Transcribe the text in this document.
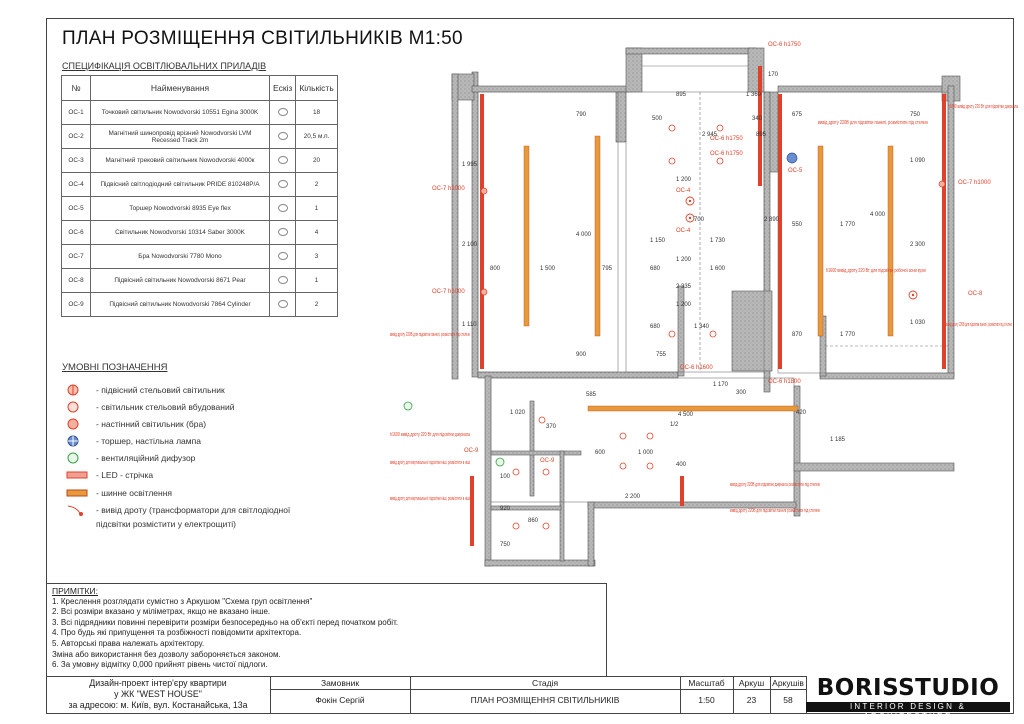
ПЛАН РОЗМІЩЕННЯ СВІТИЛЬНИКІВ М1:50
СПЕЦИФІКАЦІЯ ОСВІТЛЮВАЛЬНИХ ПРИЛАДІВ
№	Найменування	Ескіз	Кількість
ОС-1	Точковий світильник Nowodvorski 10551 Egina 3000K		18
ОС-2	Магнітний шинопровід врізний Nowodvorski LVM Recessed Track 2m		20,5 м.п.
ОС-3	Магнітний трековий світильник Nowodvorski 4000к		20
ОС-4	Підвісний світлодіодний світильник PRIDE 810248P/A		2
ОС-5	Торшер Nowodvorski 8935 Eye flex		1
ОС-6	Світильник Nowodvorski 10314 Saber 3000K		4
ОС-7	Бра Nowodvorski 7780 Mono		3
ОС-8	Підвісний світильник Nowodvorski 8671 Pear		1
ОС-9	Підвісний світильник Nowodvorski 7864 Cylinder		2
УМОВНІ ПОЗНАЧЕННЯ
- підвісний стельовий світильник
- світильник стельовий вбудований
- настінний світильник (бра)
- торшер, настільна лампа
- вентиляційний дифузор
- LED - стрічка
- шинне освітлення
- вивід дроту (трансформатори для світлодіодної
підсвітки розмістити у електрощиті)
ПРИМІТКИ:
1. Креслення розглядати сумістно з Аркушом "Схема груп освітлення"
2. Всі розміри вказано у міліметрах, якщо не вказано інше.
3. Всі підрядники повинні перевірити розміри безпосередньо на об'єкті перед початком робіт.
4. Про будь які припущення та розбіжності повідомити архітектора.
5. Авторські права належать архітектору.
Зміна або використання без дозволу забороняється законом.
6. За умовну відмітку 0,000 прийнят рівень чистої підлоги.
Дизайн-проект інтер'єру квартири
у ЖК "WEST HOUSE"
за адресою: м. Київ, вул. Костанайська, 13а
Замовник
Фокін Сергій
Стадія
ПЛАН РОЗМІЩЕННЯ СВІТИЛЬНИКІВ
Масштаб
1:50
Аркуш
23
Аркушів
58	BORISSTUDIO
INTERIOR DESIGN & ARCHITECTURE
ОС-6 h1750
ОС-7 h1000
ОС-7 h1000
ОС-7 h1000
ОС-6 h1750
ОС-6 h1750
ОС-6 h1800
ОС-6 h1600
ОС-8
ОС-5
ОС-9
ОС-9
ОС-4
ОС-4
1 995
2 100
1 110
1 500
800	795
4 000
790
900
2 945
1 200
1 200
1 200
680
680
1 150	1 730
1 600
2 335
1 340
755
700	2 890
4 000
550	1 770
1 770
2 300
1 090
870
1 030
750
675
1 360
170
895
500
1 170
300
420
4 500
1 020
370
1 000
2 200
600
400
1/2
585
100
920
860
750
1 185
340
895
h1600 вивід дроту 220 Вт для підсвітки дзеркала
вивід дроту 220В для підсвітки панелі, розмістити під стелею
h1600 вивід дроту 220 Вт для підсвітки робочої зони кухні
вивід дроту 220В для підсвітки панелі, розмістити під стелею
вивід дроту 220В для підсвітки панелі, розмістити під стелею
h1600 вивід дроту 220 Вт для підсвітки дзеркала
вивід дроту для вертикальної підсвітки ніші, розмістити в ніші
вивід дроту для вертикальної підсвітки ніші, розмістити в ніші
вивід дроту 220В для підсвітки дзеркала розмістити під стелею
вивід дроту 220В для підсвітки панелі розмістити під стелею
